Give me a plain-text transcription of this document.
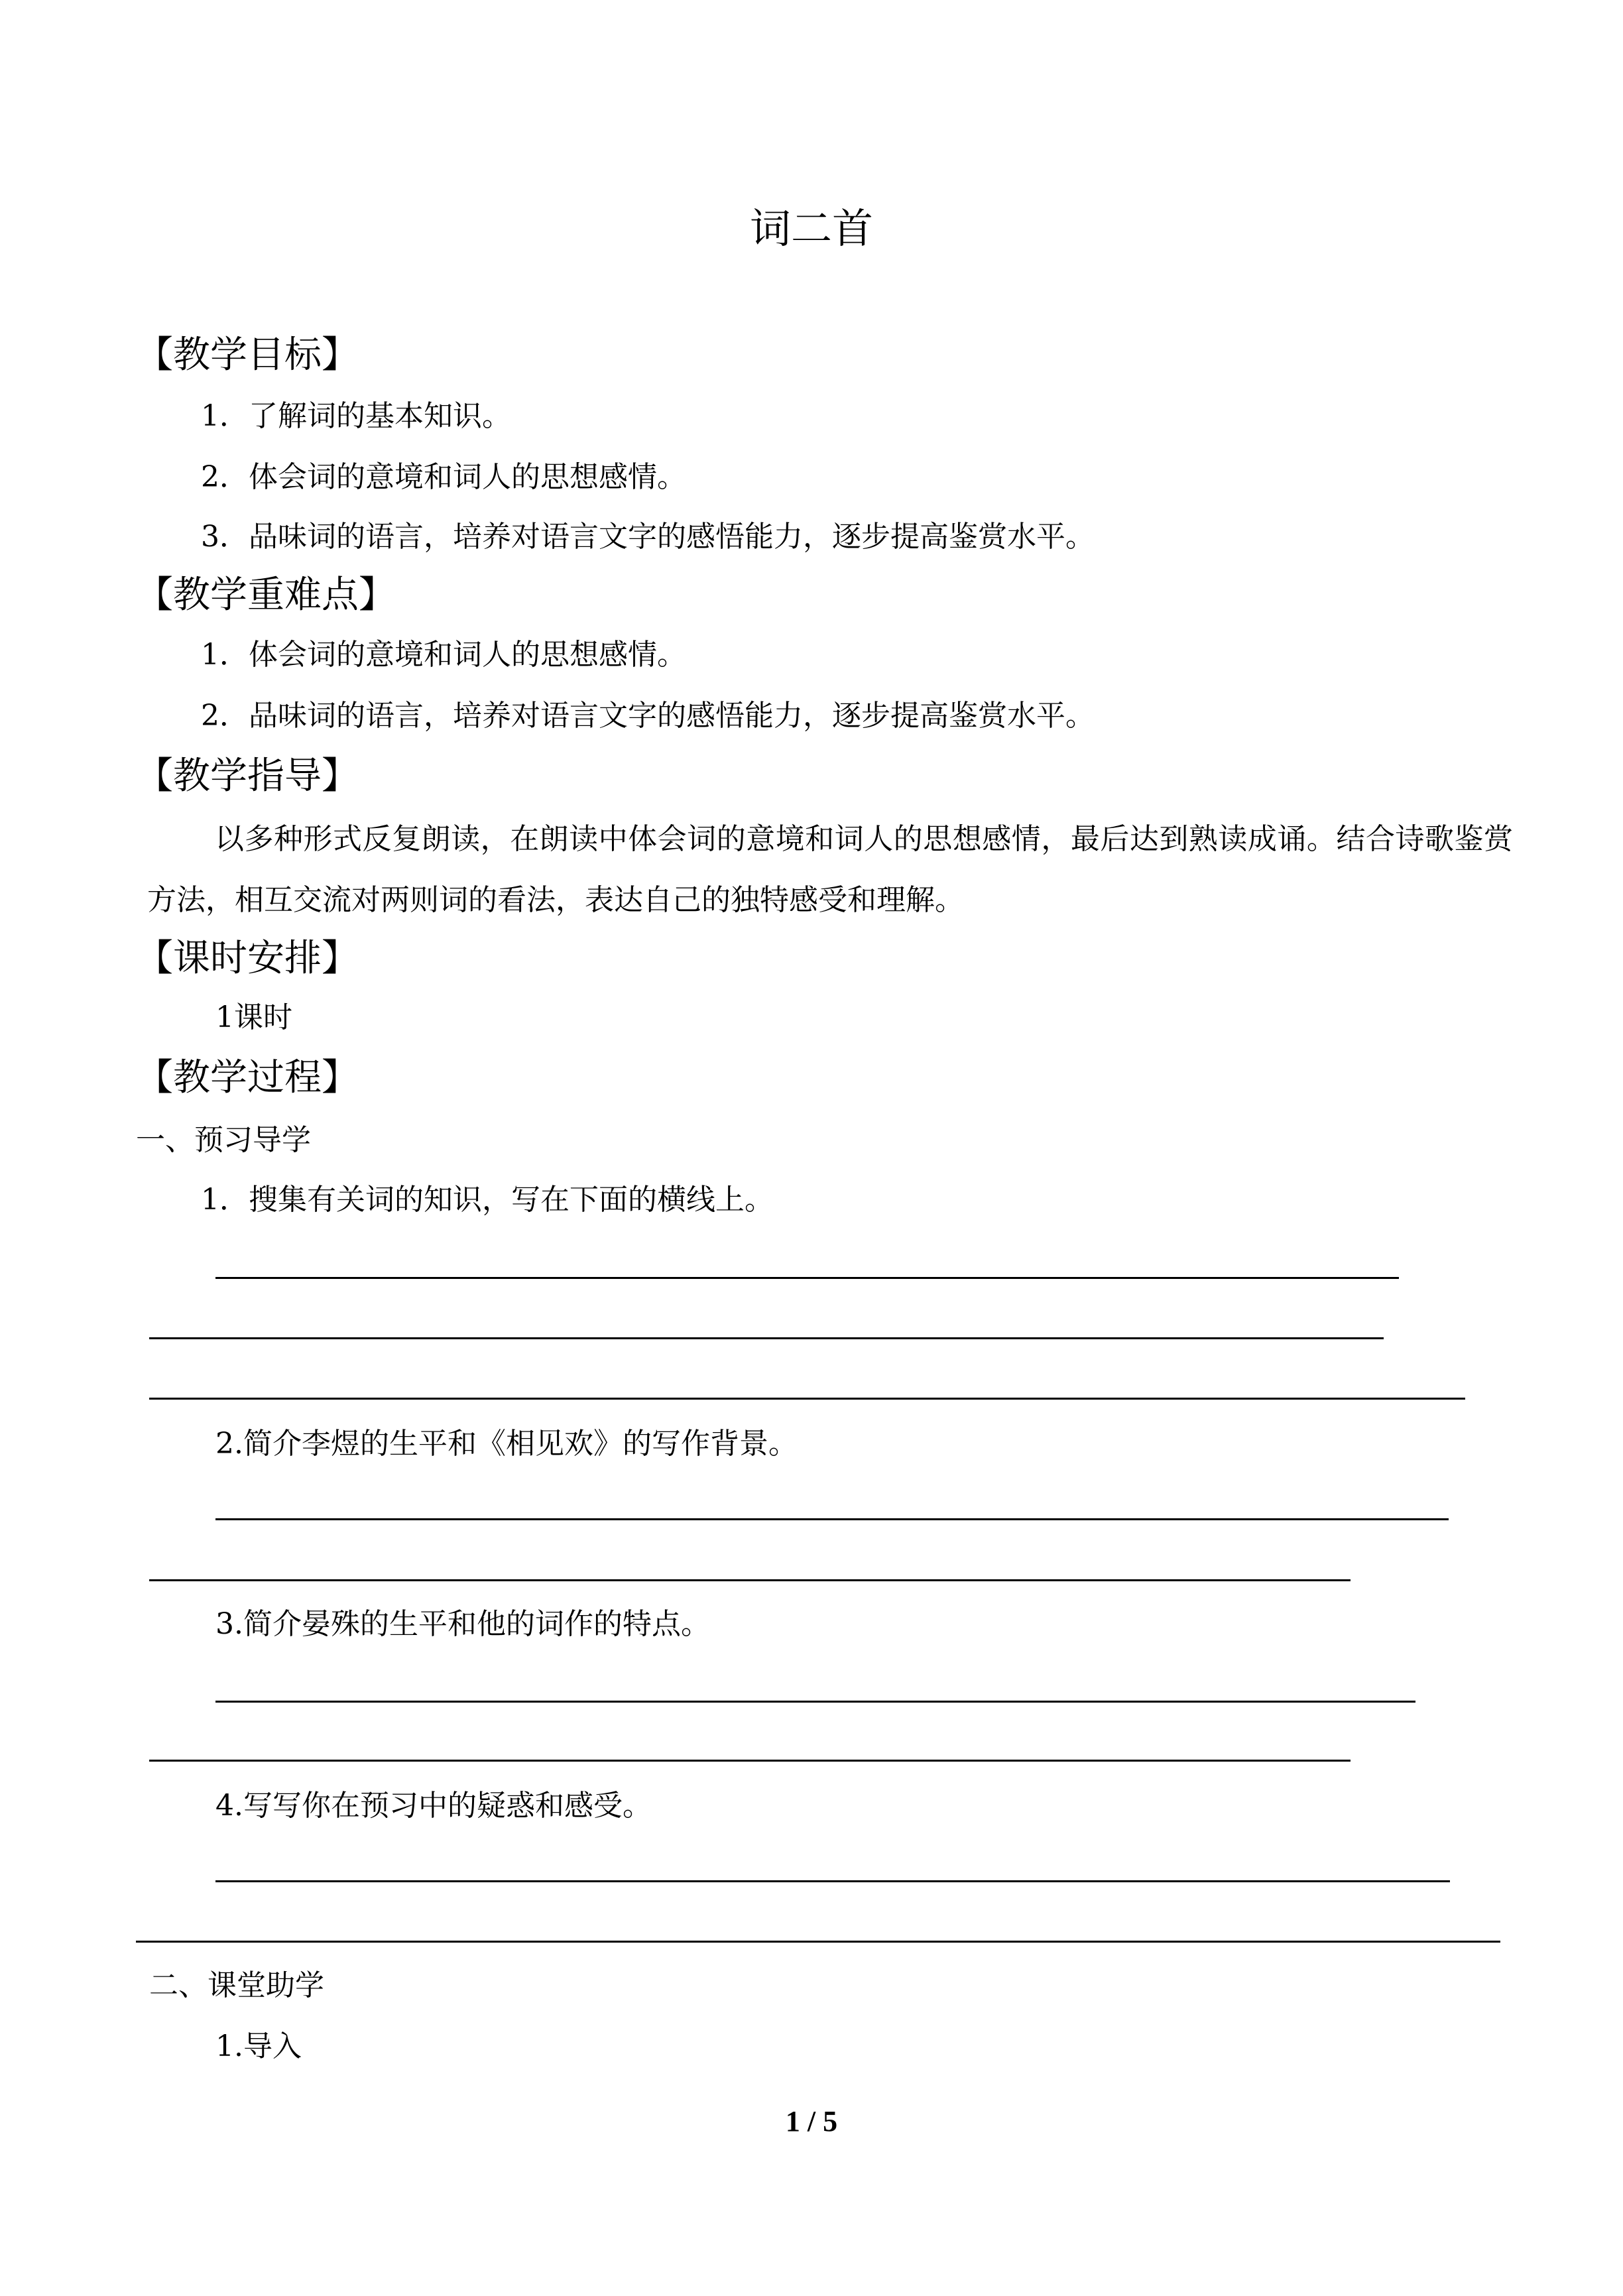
词二首
【教学目标】
1．了解词的基本知识。
2．体会词的意境和词人的思想感情。
3．品味词的语言，培养对语言文字的感悟能力，逐步提高鉴赏水平。
【教学重难点】
1．体会词的意境和词人的思想感情。
2．品味词的语言，培养对语言文字的感悟能力，逐步提高鉴赏水平。
【教学指导】
以多种形式反复朗读，在朗读中体会词的意境和词人的思想感情，最后达到熟读成诵。结合诗歌鉴赏方法，相互交流对两则词的看法，表达自己的独特感受和理解。
【课时安排】
1课时
【教学过程】
一、预习导学
1．搜集有关词的知识，写在下面的横线上。
2.简介李煜的生平和《相见欢》的写作背景。
3.简介晏殊的生平和他的词作的特点。
4.写写你在预习中的疑惑和感受。
二、课堂助学
1.导入
1 / 5
